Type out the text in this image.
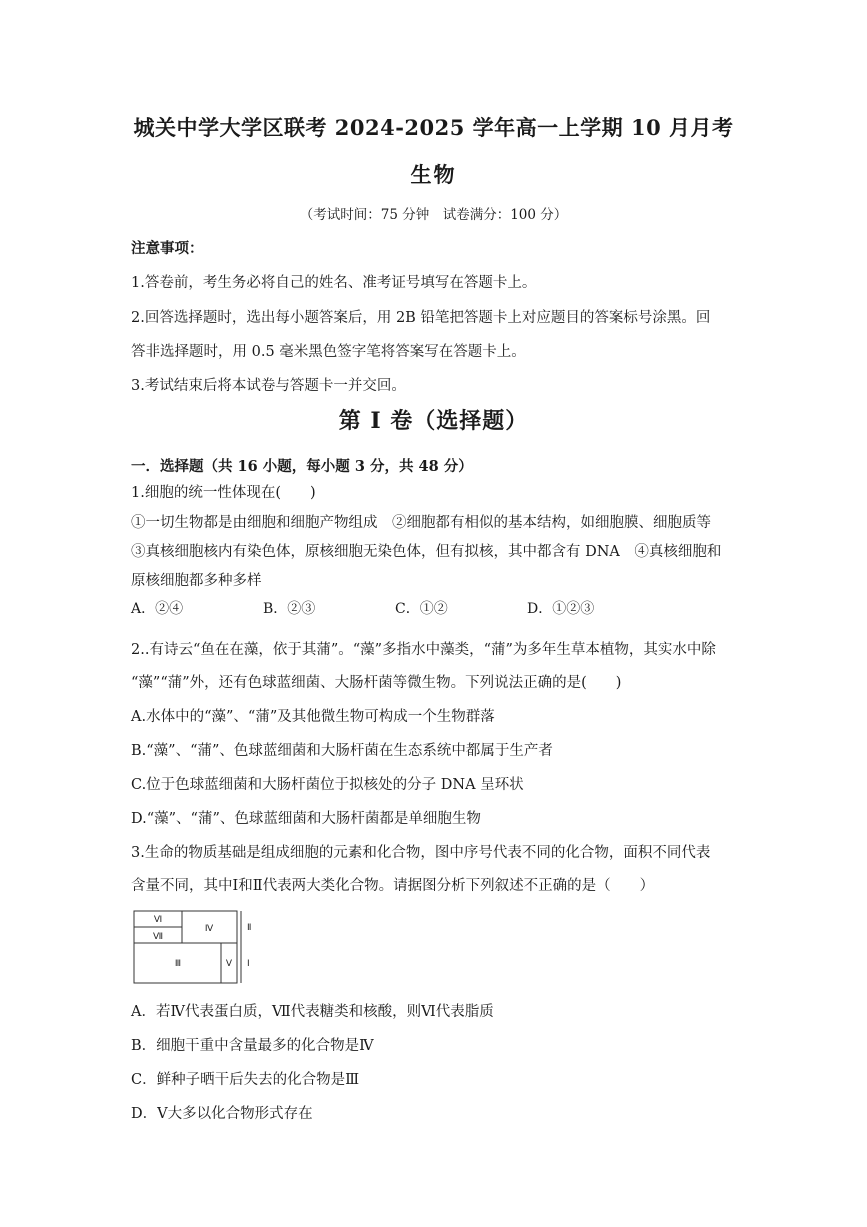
城关中学大学区联考 2024-2025 学年高一上学期 10 月月考
生物
（考试时间：75 分钟　试卷满分：100 分）
注意事项：
1.答卷前，考生务必将自己的姓名、准考证号填写在答题卡上。
2.回答选择题时，选出每小题答案后，用 2B 铅笔把答题卡上对应题目的答案标号涂黑。回
答非选择题时，用 0.5 毫米黑色签字笔将答案写在答题卡上。
3.考试结束后将本试卷与答题卡一并交回。
第 I 卷（选择题）
一．选择题（共 16 小题，每小题 3 分，共 48 分）
1.细胞的统一性体现在(　　)
①一切生物都是由细胞和细胞产物组成　②细胞都有相似的基本结构，如细胞膜、细胞质等
③真核细胞核内有染色体，原核细胞无染色体，但有拟核，其中都含有 DNA　④真核细胞和
原核细胞都多种多样
A．②④	B．②③	C．①②	D．①②③
2..有诗云“鱼在在藻，依于其蒲”。“藻”多指水中藻类，“蒲”为多年生草本植物，其实水中除
“藻”“蒲”外，还有色球蓝细菌、大肠杆菌等微生物。下列说法正确的是(　　)
A.水体中的“藻”、“蒲”及其他微生物可构成一个生物群落
B.“藻”、“蒲”、色球蓝细菌和大肠杆菌在生态系统中都属于生产者
C.位于色球蓝细菌和大肠杆菌位于拟核处的分子 DNA 呈环状
D.“藻”、“蒲”、色球蓝细菌和大肠杆菌都是单细胞生物
3.生命的物质基础是组成细胞的元素和化合物，图中序号代表不同的化合物，面积不同代表
含量不同，其中Ⅰ和Ⅱ代表两大类化合物。请据图分析下列叙述不正确的是（　　）
Ⅵ
Ⅶ
Ⅳ
Ⅲ	Ⅴ
Ⅱ
Ⅰ
A．若Ⅳ代表蛋白质，Ⅶ代表糖类和核酸，则Ⅵ代表脂质
B．细胞干重中含量最多的化合物是Ⅳ
C．鲜种子晒干后失去的化合物是Ⅲ
D．Ⅴ大多以化合物形式存在
